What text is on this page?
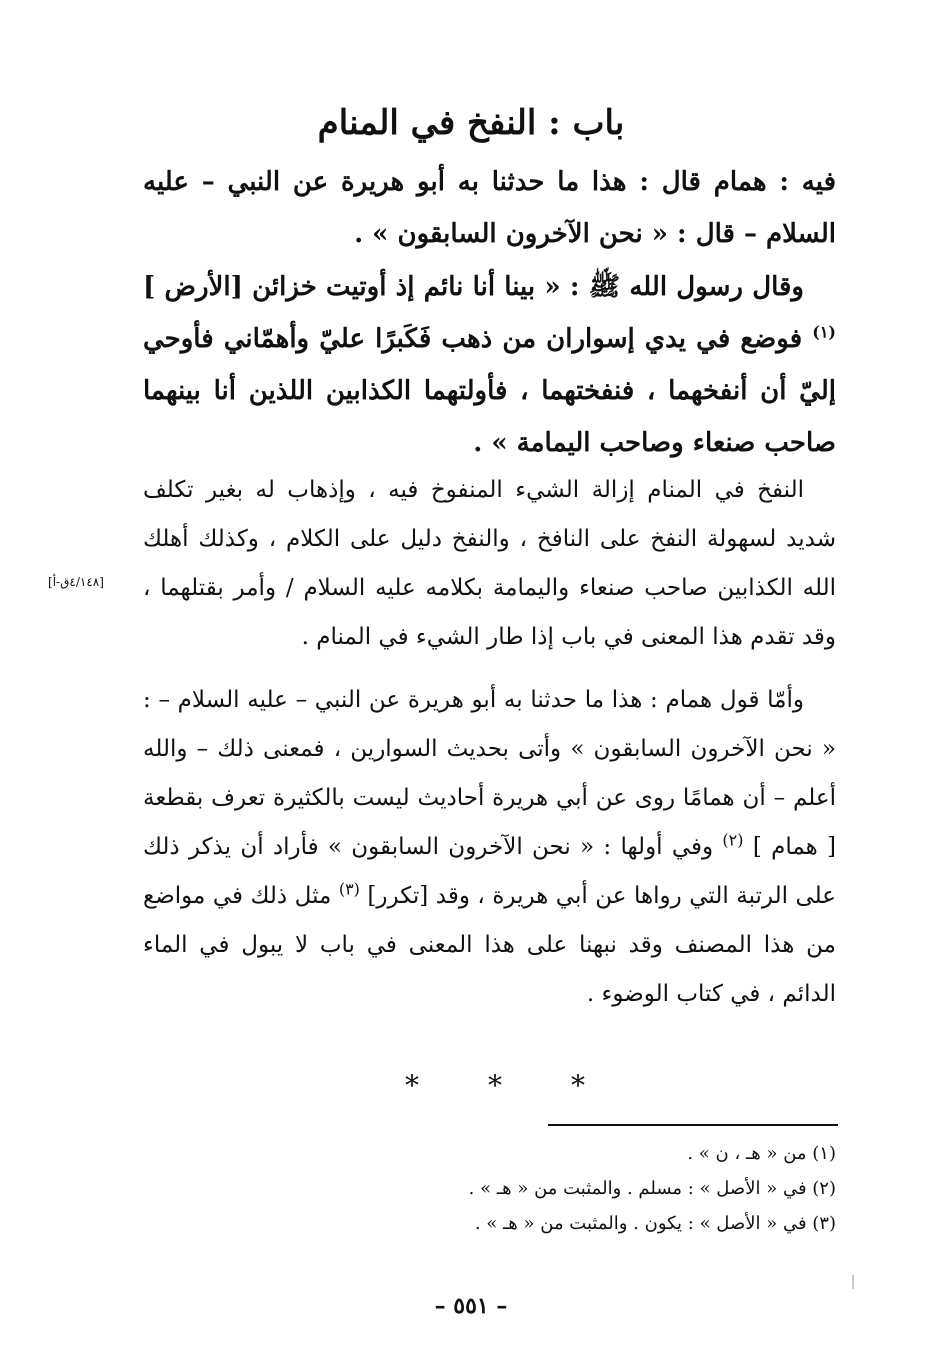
باب : النفخ في المنام
فيه : همام قال : هذا ما حدثنا به أبو هريرة عن النبي – عليه السلام – قال : « نحن الآخرون السابقون » .
وقال رسول الله ﷺ : « بينا أنا نائم إذ أوتيت خزائن [الأرض ] $^{(١)}$ فوضع في يدي إسواران من ذهب فَكَبرًا عليّ وأهمّاني فأوحي إليّ أن أنفخهما ، فنفختهما ، فأولتهما الكذابين اللذين أنا بينهما صاحب صنعاء وصاحب اليمامة » .
النفخ في المنام إزالة الشيء المنفوخ فيه ، وإذهاب له بغير تكلف شديد لسهولة النفخ على النافخ ، والنفخ دليل على الكلام ، وكذلك أهلك الله الكذابين صاحب صنعاء واليمامة بكلامه عليه السلام / وأمر بقتلهما ، وقد تقدم هذا المعنى في باب إذا طار الشيء في المنام .
[٤/١٤٨ق-أ]
وأمّا قول همام : هذا ما حدثنا به أبو هريرة عن النبي – عليه السلام – : « نحن الآخرون السابقون » وأتى بحديث السوارين ، فمعنى ذلك – والله أعلم – أن همامًا روى عن أبي هريرة أحاديث ليست بالكثيرة تعرف بقطعة [ همام ] $^{(٢)}$ وفي أولها : « نحن الآخرون السابقون » فأراد أن يذكر ذلك على الرتبة التي رواها عن أبي هريرة ، وقد [تكرر] $^{(٣)}$ مثل ذلك في مواضع من هذا المصنف وقد نبهنا على هذا المعنى في باب لا يبول في الماء الدائم ، في كتاب الوضوء .
*
*
*
(١) من « هـ ، ن » .
(٢) في « الأصل » : مسلم . والمثبت من « هـ » .
(٣) في « الأصل » : يكون . والمثبت من « هـ » .
– ٥٥١ –
